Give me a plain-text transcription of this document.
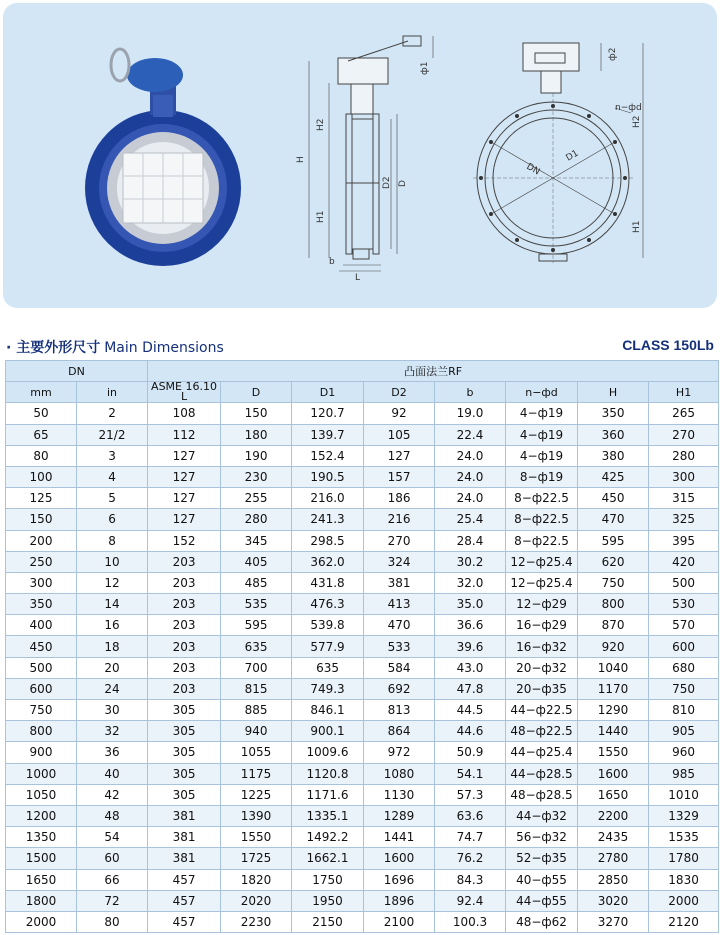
H2
H
H1
D2 D
b
L
ф1
ф2
n−фd
H2
DN
D1
H1
· 主要外形尺寸 Main Dimensions	CLASS 150Lb
DN		凸面法兰RF							
mm	in	ASME 16.10
L	D	D1	D2	b	n−фd	H	H1
50	2	108	150	120.7	92	19.0	4−ф19	350	265
65	21/2	112	180	139.7	105	22.4	4−ф19	360	270
80	3	127	190	152.4	127	24.0	4−ф19	380	280
100	4	127	230	190.5	157	24.0	8−ф19	425	300
125	5	127	255	216.0	186	24.0	8−ф22.5	450	315
150	6	127	280	241.3	216	25.4	8−ф22.5	470	325
200	8	152	345	298.5	270	28.4	8−ф22.5	595	395
250	10	203	405	362.0	324	30.2	12−ф25.4	620	420
300	12	203	485	431.8	381	32.0	12−ф25.4	750	500
350	14	203	535	476.3	413	35.0	12−ф29	800	530
400	16	203	595	539.8	470	36.6	16−ф29	870	570
450	18	203	635	577.9	533	39.6	16−ф32	920	600
500	20	203	700	635	584	43.0	20−ф32	1040	680
600	24	203	815	749.3	692	47.8	20−ф35	1170	750
750	30	305	885	846.1	813	44.5	44−ф22.5	1290	810
800	32	305	940	900.1	864	44.6	48−ф22.5	1440	905
900	36	305	1055	1009.6	972	50.9	44−ф25.4	1550	960
1000	40	305	1175	1120.8	1080	54.1	44−ф28.5	1600	985
1050	42	305	1225	1171.6	1130	57.3	48−ф28.5	1650	1010
1200	48	381	1390	1335.1	1289	63.6	44−ф32	2200	1329
1350	54	381	1550	1492.2	1441	74.7	56−ф32	2435	1535
1500	60	381	1725	1662.1	1600	76.2	52−ф35	2780	1780
1650	66	457	1820	1750	1696	84.3	40−ф55	2850	1830
1800	72	457	2020	1950	1896	92.4	44−ф55	3020	2000
2000	80	457	2230	2150	2100	100.3	48−ф62	3270	2120
